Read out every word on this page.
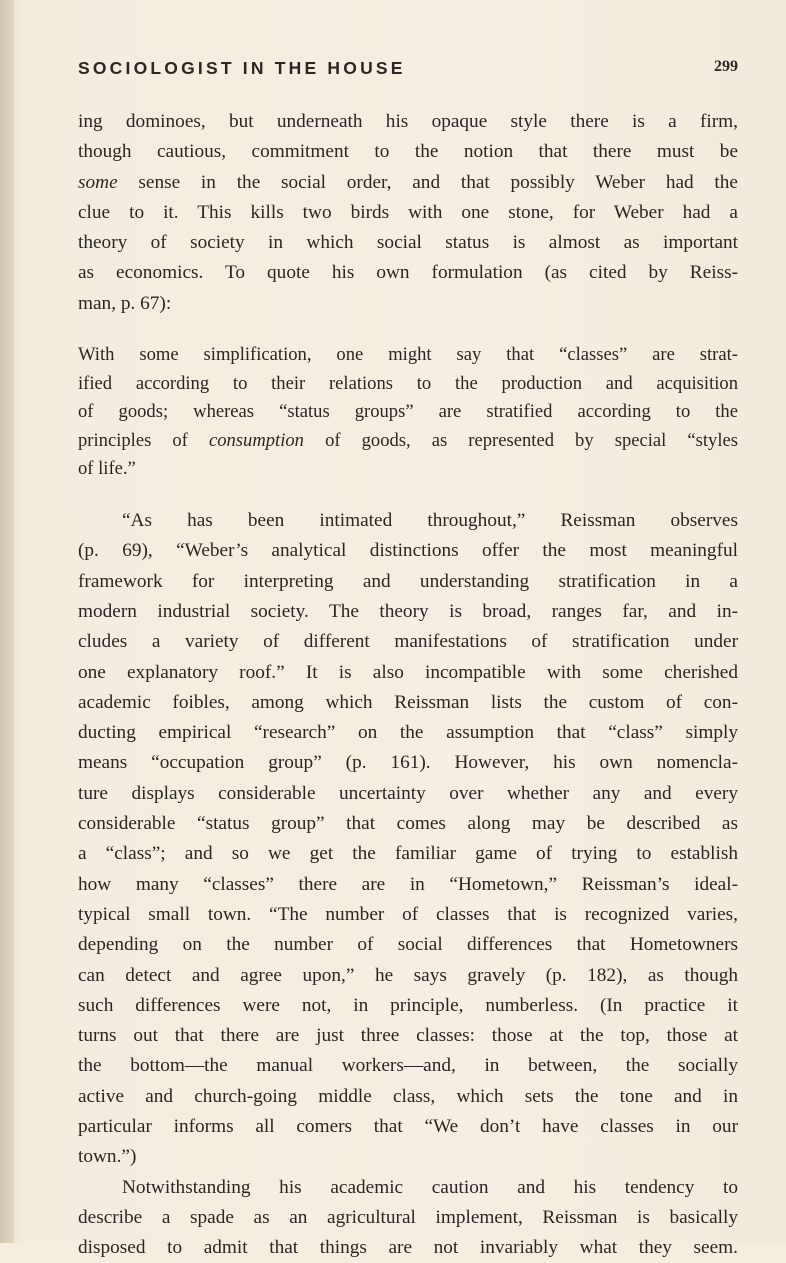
SOCIOLOGIST IN THE HOUSE	299
ing dominoes, but underneath his opaque style there is a firm,
though cautious, commitment to the notion that there must be
some sense in the social order, and that possibly Weber had the
clue to it. This kills two birds with one stone, for Weber had a
theory of society in which social status is almost as important
as economics. To quote his own formulation (as cited by Reiss-
man, p. 67):
With some simplification, one might say that “classes” are strat-
ified according to their relations to the production and acquisition
of goods; whereas “status groups” are stratified according to the
principles of consumption of goods, as represented by special “styles
of life.”
“As has been intimated throughout,” Reissman observes
(p. 69), “Weber’s analytical distinctions offer the most meaningful
framework for interpreting and understanding stratification in a
modern industrial society. The theory is broad, ranges far, and in-
cludes a variety of different manifestations of stratification under
one explanatory roof.” It is also incompatible with some cherished
academic foibles, among which Reissman lists the custom of con-
ducting empirical “research” on the assumption that “class” simply
means “occupation group” (p. 161). However, his own nomencla-
ture displays considerable uncertainty over whether any and every
considerable “status group” that comes along may be described as
a “class”; and so we get the familiar game of trying to establish
how many “classes” there are in “Hometown,” Reissman’s ideal-
typical small town. “The number of classes that is recognized varies,
depending on the number of social differences that Hometowners
can detect and agree upon,” he says gravely (p. 182), as though
such differences were not, in principle, numberless. (In practice it
turns out that there are just three classes: those at the top, those at
the bottom—the manual workers—and, in between, the socially
active and church-going middle class, which sets the tone and in
particular informs all comers that “We don’t have classes in our
town.”)
Notwithstanding his academic caution and his tendency to
describe a spade as an agricultural implement, Reissman is basically
disposed to admit that things are not invariably what they seem.
